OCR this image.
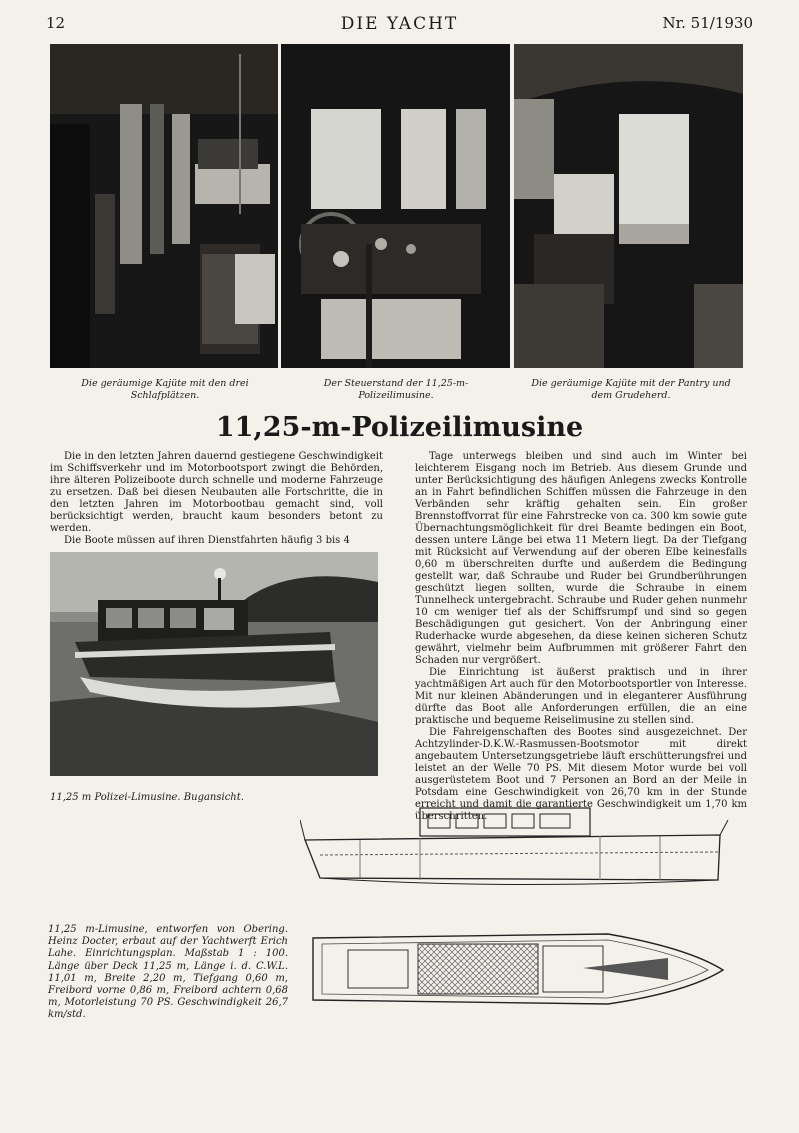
12	DIE YACHT	Nr. 51/1930
Die geräumige Kajüte mit den drei Schlafplätzen.
Der Steuerstand der 11,25-m-Polizeilimusine.
Die geräumige Kajüte mit der Pantry und dem Grudeherd.
11,25-m-Polizeilimusine

Die in den letzten Jahren dauernd gestiegene Geschwindigkeit im Schiffsverkehr und im Motorbootsport zwingt die Behörden, ihre älteren Polizeiboote durch schnelle und moderne Fahrzeuge zu ersetzen. Daß bei diesen Neubauten alle Fortschritte, die in den letzten Jahren im Motorbootbau gemacht sind, voll berücksichtigt werden, braucht kaum besonders betont zu werden.

Die Boote müssen auf ihren Dienstfahrten häufig 3 bis 4

Tage unterwegs bleiben und sind auch im Winter bei leichterem Eisgang noch im Betrieb. Aus diesem Grunde und unter Berücksichtigung des häufigen Anlegens zwecks Kontrolle an in Fahrt befindlichen Schiffen müssen die Fahrzeuge in den Verbänden sehr kräftig gehalten sein. Ein großer Brennstoffvorrat für eine Fahrstrecke von ca. 300 km sowie gute Übernachtungsmöglichkeit für drei Beamte bedingen ein Boot, dessen untere Länge bei etwa 11 Metern liegt. Da der Tiefgang mit Rücksicht auf Verwendung auf der oberen Elbe keinesfalls 0,60 m überschreiten durfte und außerdem die Bedingung gestellt war, daß Schraube und Ruder bei Grundberührungen geschützt liegen sollten, wurde die Schraube in einem Tunnelheck untergebracht. Schraube und Ruder gehen nunmehr 10 cm weniger tief als der Schiffsrumpf und sind so gegen Beschädigungen gut gesichert. Von der Anbringung einer Ruderhacke wurde abgesehen, da diese keinen sicheren Schutz gewährt, vielmehr beim Aufbrummen mit größerer Fahrt den Schaden nur vergrößert.

Die Einrichtung ist äußerst praktisch und in ihrer yachtmäßigen Art auch für den Motorbootsportler von Interesse. Mit nur kleinen Abänderungen und in eleganterer Ausführung dürfte das Boot alle Anforderungen erfüllen, die an eine praktische und bequeme Reiselimusine zu stellen sind.

Die Fahreigenschaften des Bootes sind ausgezeichnet. Der Achtzylinder-D.K.W.-Rasmussen-Bootsmotor mit direkt angebautem Untersetzungsgetriebe läuft erschütterungsfrei und leistet an der Welle 70 PS. Mit diesem Motor wurde bei voll ausgerüstetem Boot und 7 Personen an Bord an der Meile in Potsdam eine Geschwindigkeit von 26,70 km in der Stunde erreicht und damit die garantierte Geschwindigkeit um 1,70 km überschritten.

11,25 m Polizei-Limusine. Bugansicht.
11,25 m-Limusine, entworfen von Obering. Heinz Docter, erbaut auf der Yachtwerft Erich Lahe. Einrichtungsplan. Maßstab 1 : 100. Länge über Deck 11,25 m, Länge i. d. C.W.L. 11,01 m, Breite 2,20 m, Tiefgang 0,60 m, Freibord vorne 0,86 m, Freibord achtern 0,68 m, Motorleistung 70 PS. Geschwindigkeit 26,7 km/std.
